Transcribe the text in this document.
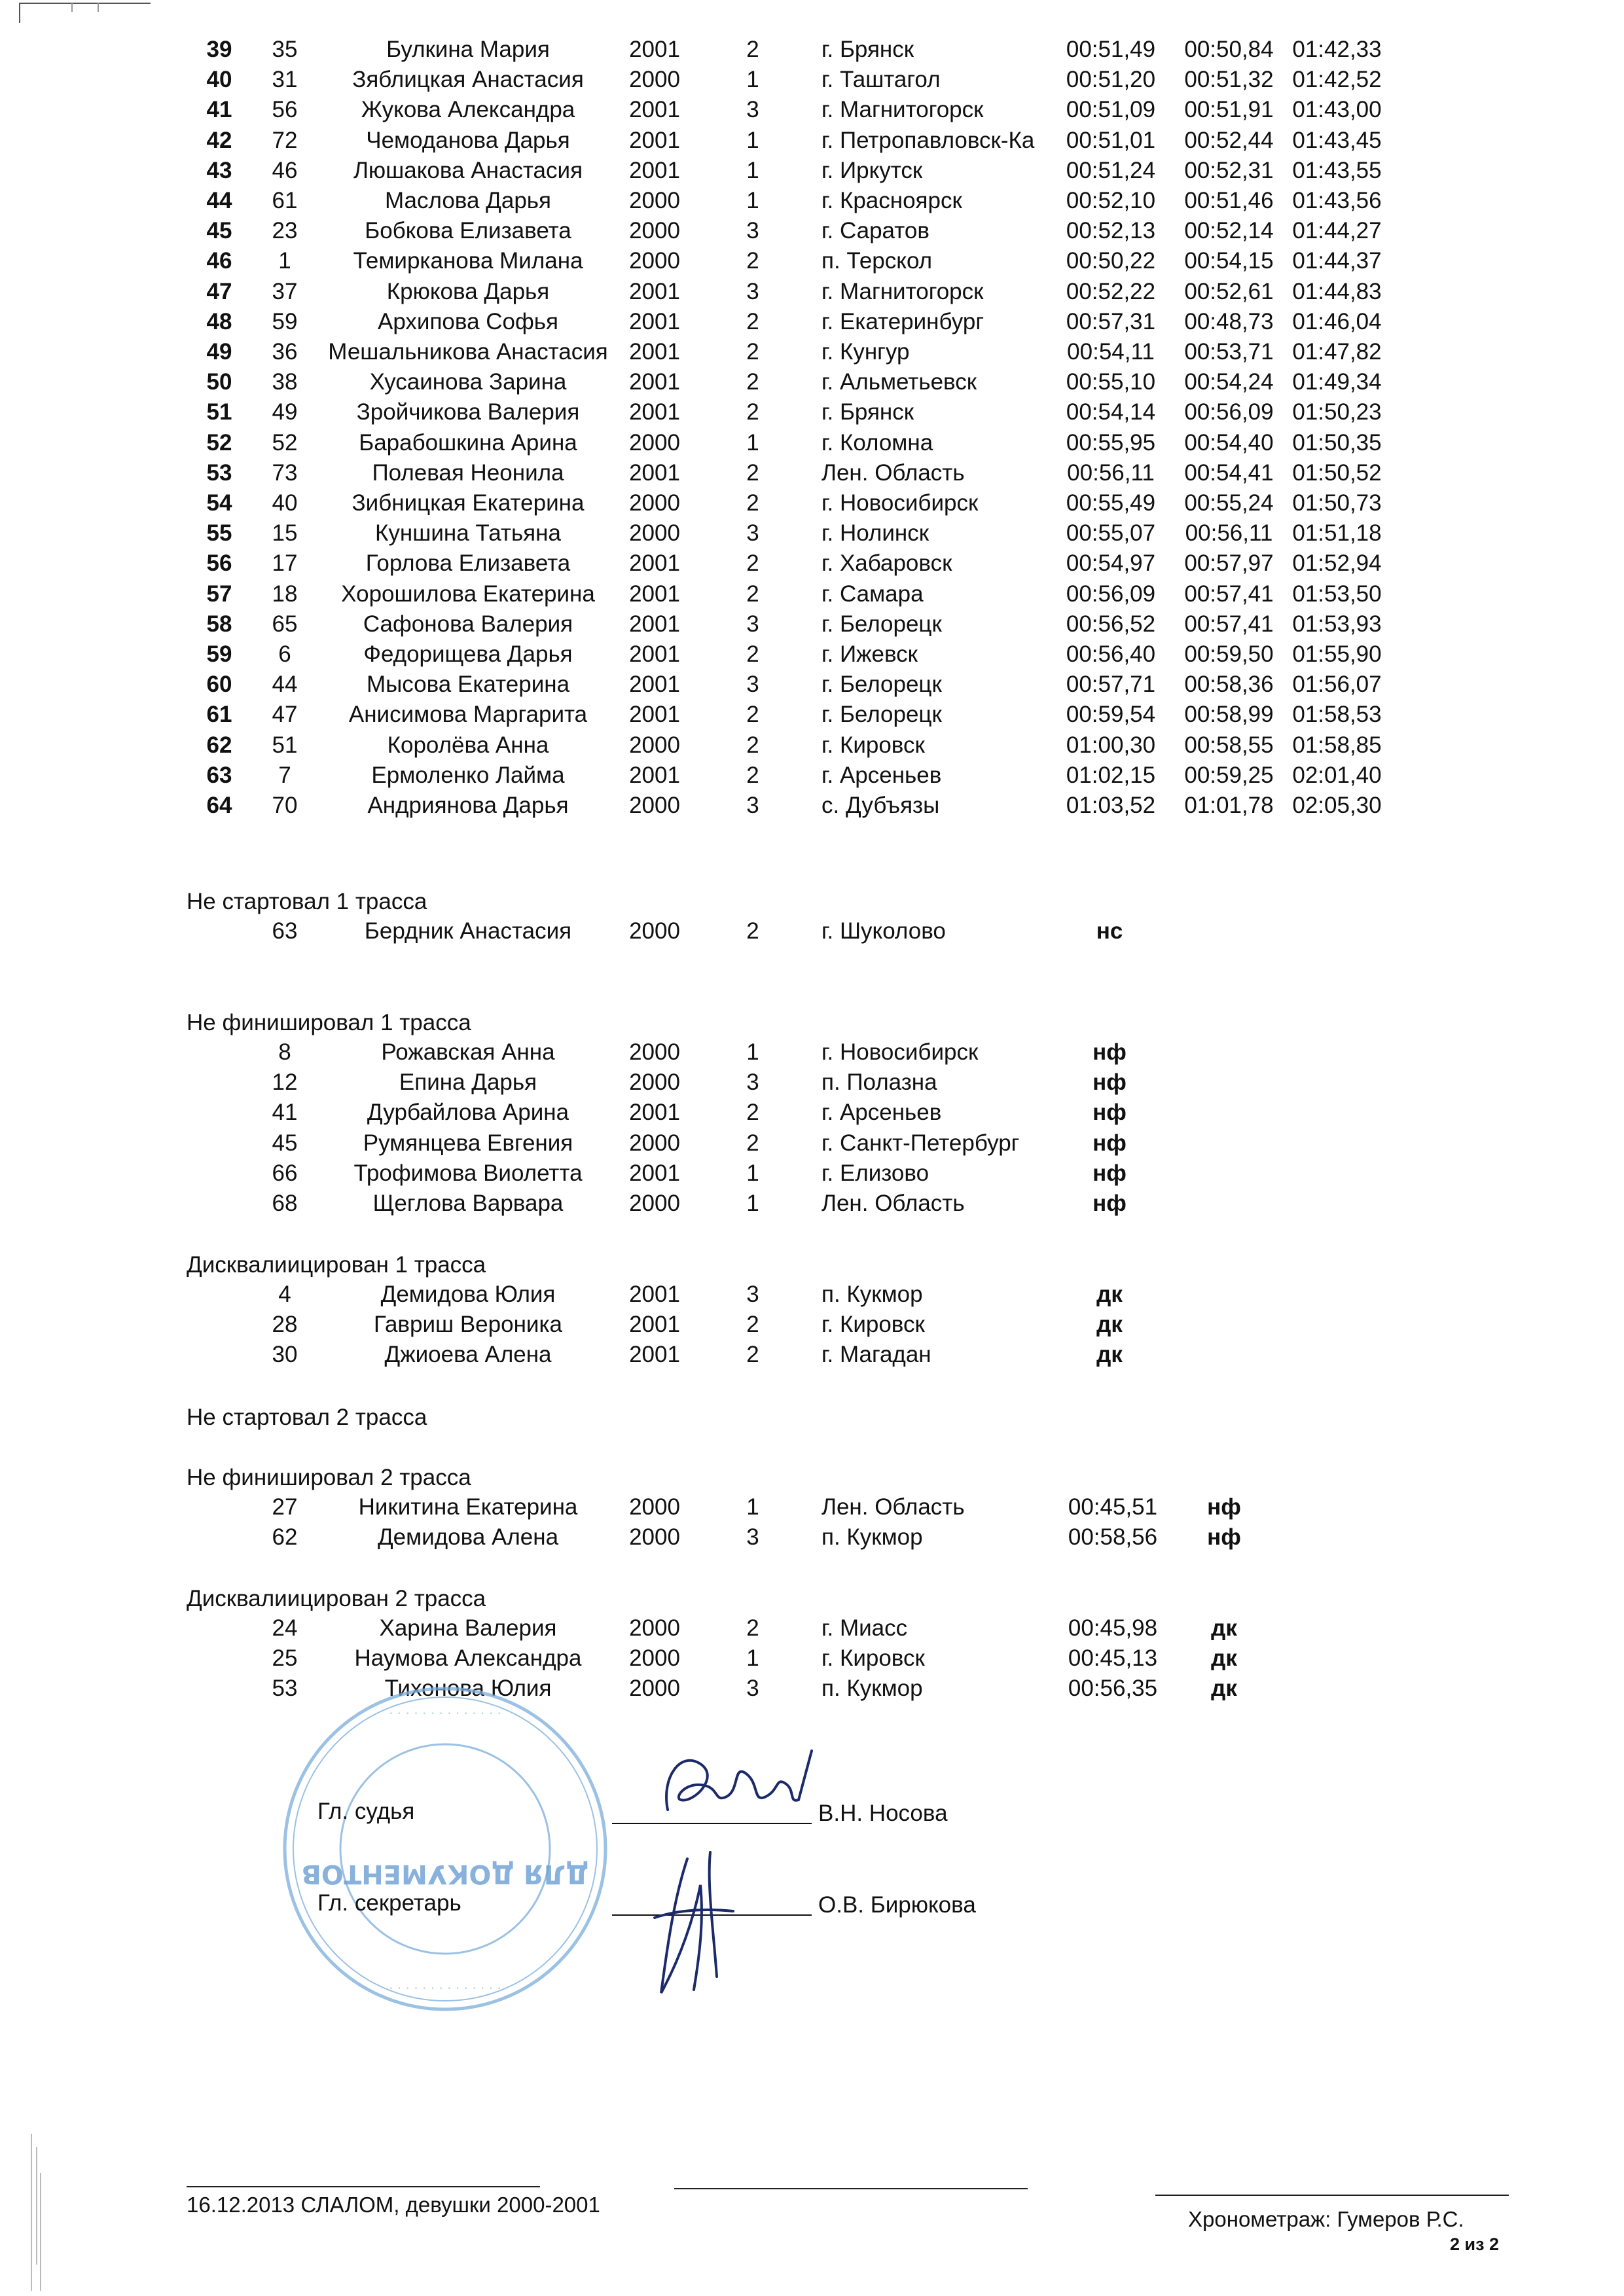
39	35	Булкина Мария	2001	2	г. Брянск	00:51,49	00:50,84 01:42,33
40	31	Зяблицкая Анастасия	2000	1	г. Таштагол	00:51,20	00:51,32 01:42,52
41	56	Жукова Александра	2001	3	г. Магнитогорск	00:51,09	00:51,91 01:43,00
42	72	Чемоданова Дарья	2001	1	г. Петропавловск-Ка	00:51,01	00:52,44 01:43,45
43	46	Люшакова Анастасия	2001	1	г. Иркутск	00:51,24	00:52,31 01:43,55
44	61	Маслова Дарья	2000	1	г. Красноярск	00:52,10	00:51,46 01:43,56
45	23	Бобкова Елизавета	2000	3	г. Саратов	00:52,13	00:52,14 01:44,27
46	1	Темирканова Милана	2000	2	п. Терскол	00:50,22	00:54,15 01:44,37
47	37	Крюкова Дарья	2001	3	г. Магнитогорск	00:52,22	00:52,61 01:44,83
48	59	Архипова Софья	2001	2	г. Екатеринбург	00:57,31	00:48,73 01:46,04
49	36	Мешальникова Анастасия 2001	2	г. Кунгур	00:54,11	00:53,71 01:47,82
50	38	Хусаинова Зарина	2001	2	г. Альметьевск	00:55,10	00:54,24 01:49,34
51	49	Зройчикова Валерия	2001	2	г. Брянск	00:54,14	00:56,09 01:50,23
52	52	Барабошкина Арина	2000	1	г. Коломна	00:55,95	00:54,40 01:50,35
53	73	Полевая Неонила	2001	2	Лен. Область	00:56,11	00:54,41 01:50,52
54	40	Зибницкая Екатерина	2000	2	г. Новосибирск	00:55,49	00:55,24 01:50,73
55	15	Куншина Татьяна	2000	3	г. Нолинск	00:55,07	00:56,11 01:51,18
56	17	Горлова Елизавета	2001	2	г. Хабаровск	00:54,97	00:57,97 01:52,94
57	18	Хорошилова Екатерина	2001	2	г. Самара	00:56,09	00:57,41 01:53,50
58	65	Сафонова Валерия	2001	3	г. Белорецк	00:56,52	00:57,41 01:53,93
59	6	Федорищева Дарья	2001	2	г. Ижевск	00:56,40	00:59,50 01:55,90
60	44	Мысова Екатерина	2001	3	г. Белорецк	00:57,71	00:58,36 01:56,07
61	47	Анисимова Маргарита	2001	2	г. Белорецк	00:59,54	00:58,99 01:58,53
62	51	Королёва Анна	2000	2	г. Кировск	01:00,30	00:58,55 01:58,85
63	7	Ермоленко Лайма	2001	2	г. Арсеньев	01:02,15	00:59,25 02:01,40
64	70	Андриянова Дарья	2000	3	с. Дубъязы	01:03,52	01:01,78 02:05,30
Не стартовал 1 трасса
63	Бердник Анастасия	2000	2	г. Шуколово	нс
Не финишировал 1 трасса
8	Рожавская Анна	2000	1	г. Новосибирск	нф
12	Епина Дарья	2000	3	п. Полазна	нф
41	Дурбайлова Арина	2001	2	г. Арсеньев	нф
45	Румянцева Евгения	2000	2	г. Санкт-Петербург	нф
66	Трофимова Виолетта	2001	1	г. Елизово	нф
68	Щеглова Варвара	2000	1	Лен. Область	нф
Дисквалиицирован 1 трасса
4	Демидова Юлия	2001	3	п. Кукмор	дк
28	Гавриш Вероника	2001	2	г. Кировск	дк
30	Джиоева Алена	2001	2	г. Магадан	дк
Не стартовал 2 трасса
Не финишировал 2 трасса
27	Никитина Екатерина	2000	1	Лен. Область	00:45,51	нф
62	Демидова Алена	2000	3	п. Кукмор	00:58,56	нф
Дисквалиицирован 2 трасса
24	Харина Валерия	2000	2	г. Миасс	00:45,98	дк
25	Наумова Александра	2000	1	г. Кировск	00:45,13	дк
53	Тихонова Юлия	2000	3	п. Кукмор	00:56,35	дк
· · · · · · · · · · · · · ·
· · · · · · · · · · · · · ·
ДЛЯ ДОКУМЕНТОВ
Гл. судья	В.Н. Носова
Гл. секретарь	О.В. Бирюкова
16.12.2013 СЛАЛОМ, девушки 2000-2001
Хронометраж: Гумеров Р.С.
2 из 2
